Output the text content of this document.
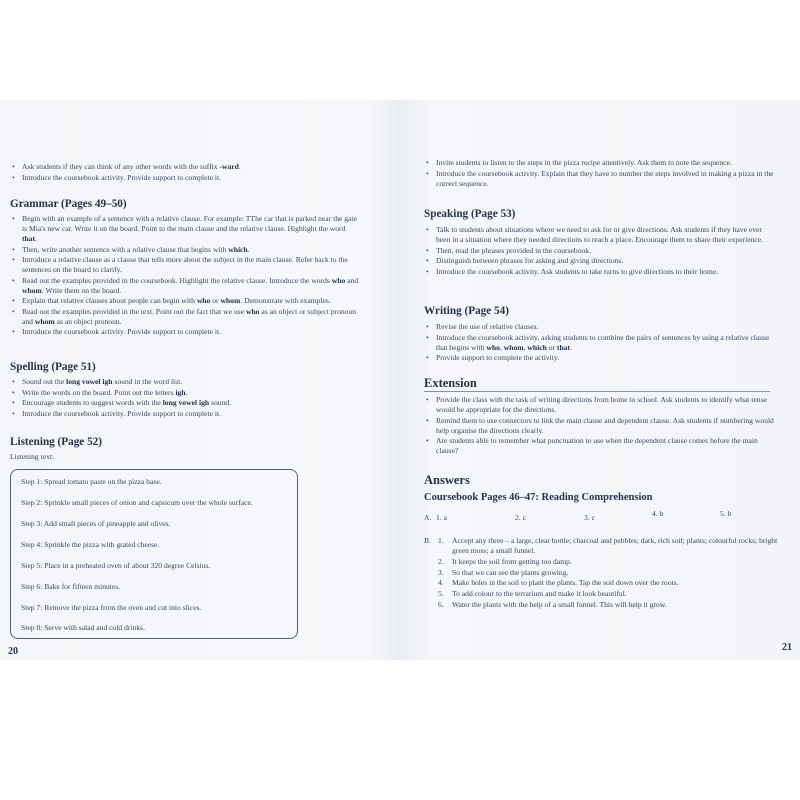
• Ask students if they can think of any other words with the suffix -ward.
• Introduce the coursebook activity. Provide support to complete it.
Grammar (Pages 49–50)
• Begin with an example of a sentence with a relative clause. For example: TThe car that is parked near the gate is Mia's new car. Write it on the board. Point to the main clause and the relative clause. Highlight the word that.
• Then, write another sentence with a relative clause that begins with which.
• Introduce a relative clause as a clause that tells more about the subject in the main clause. Refer back to the sentences on the board to clarify.
• Read out the examples provided in the coursebook. Highlight the relative clause. Introduce the words who and whom. Write them on the board.
• Explain that relative clauses about people can begin with who or whom. Demonstrate with examples.
• Read out the examples provided in the text. Point out the fact that we use who as an object or subject pronoun and whom as an object pronoun.
• Introduce the coursebook activity. Provide support to complete it.
Spelling (Page 51)
• Sound out the long vowel igh sound in the word list.
• Write the words on the board. Point out the letters igh.
• Encourage students to suggest words with the long vowel igh sound.
• Introduce the coursebook activity. Provide support to complete it.
Listening (Page 52)
Listening text:
Step 1: Spread tomato paste on the pizza base.
Step 2: Sprinkle small pieces of onion and capsicum over the whole surface.
Step 3: Add small pieces of pineapple and olives.
Step 4: Sprinkle the pizza with grated cheese.
Step 5: Place in a preheated oven of about 320 degree Celsius.
Step 6: Bake for fifteen minutes.
Step 7: Remove the pizza from the oven and cut into slices.
Step 8: Serve with salad and cold drinks.
20
• Invite students to listen to the steps in the pizza recipe attentively. Ask them to note the sequence.
• Introduce the coursebook activity. Explain that they have to number the steps involved in making a pizza in the correct sequence.
Speaking (Page 53)
• Talk to students about situations where we need to ask for or give directions. Ask students if they have ever been in a situation where they needed directions to reach a place. Encourage them to share their experience.
• Then, read the phrases provided in the coursebook.
• Distinguish between phrases for asking and giving directions.
• Introduce the coursebook activity. Ask students to take turns to give directions to their home.
Writing (Page 54)
• Revise the use of relative clauses.
• Introduce the coursebook activity, asking students to combine the pairs of sentences by using a relative clause that begins with who, whom, which or that.
• Provide support to complete the activity.
Extension
• Provide the class with the task of writing directions from home to school. Ask students to identify what tense would be appropriate for the directions.
• Remind them to use connectors to link the main clause and dependent clause. Ask students if numbering would help organise the directions clearly.
• Are students able to remember what punctuation to use when the dependent clause comes before the main clause?
Answers
Coursebook Pages 46–47: Reading Comprehension
A. 1. a	2. c	3. c	4. b	5. b
B. 1. Accept any three – a large, clear bottle; charcoal and pebbles; dark, rich soil; plants; colourful rocks; bright green moss; a small funnel.
2. It keeps the soil from getting too damp.
3. So that we can see the plants growing.
4. Make holes in the soil to plant the plants. Tap the soil down over the roots.
5. To add colour to the terrarium and make it look beautiful.
6. Water the plants with the help of a small funnel. This will help it grow.
21
